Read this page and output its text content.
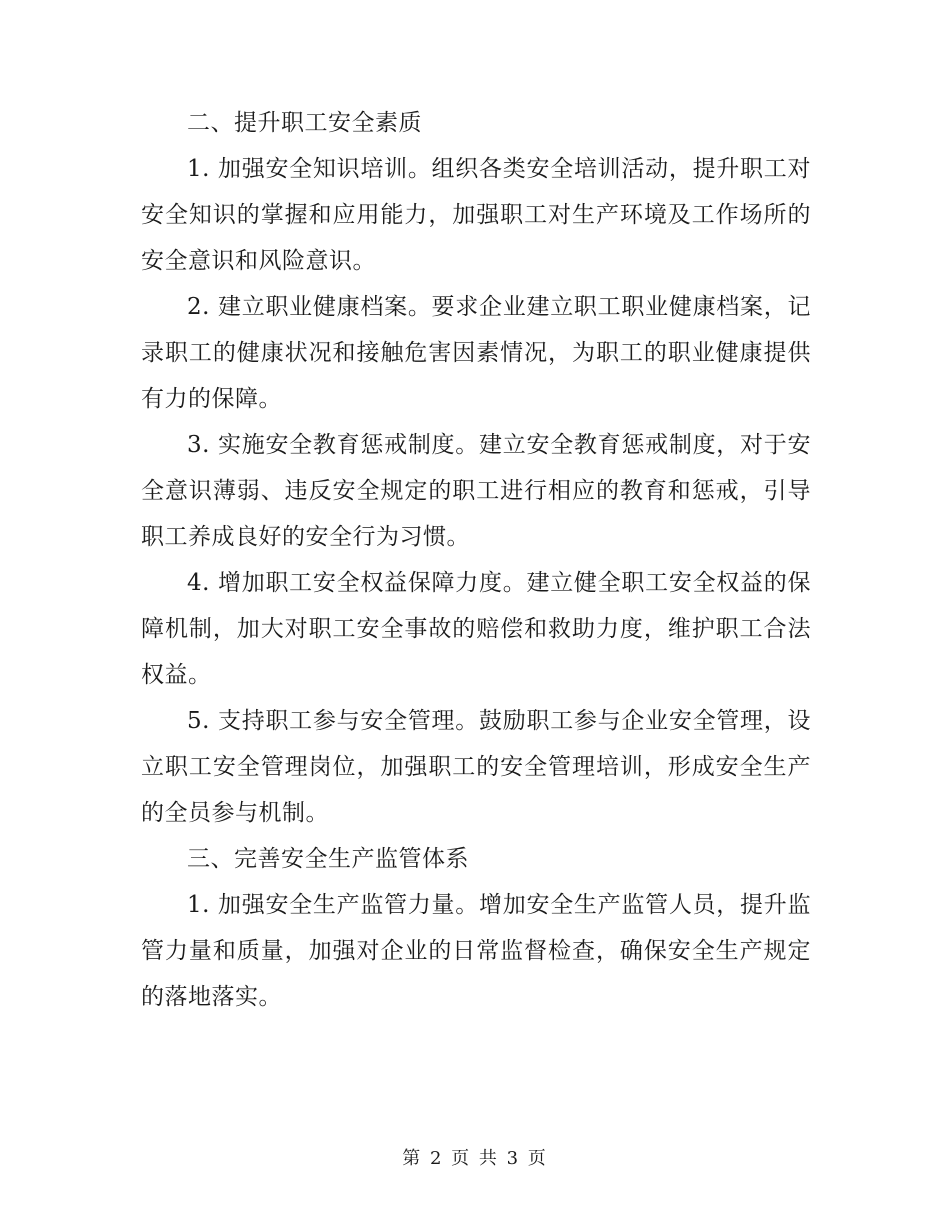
二、提升职工安全素质

1. 加强安全知识培训。组织各类安全培训活动，提升职工对安全知识的掌握和应用能力，加强职工对生产环境及工作场所的安全意识和风险意识。

2. 建立职业健康档案。要求企业建立职工职业健康档案，记录职工的健康状况和接触危害因素情况，为职工的职业健康提供有力的保障。

3. 实施安全教育惩戒制度。建立安全教育惩戒制度，对于安全意识薄弱、违反安全规定的职工进行相应的教育和惩戒，引导职工养成良好的安全行为习惯。

4. 增加职工安全权益保障力度。建立健全职工安全权益的保障机制，加大对职工安全事故的赔偿和救助力度，维护职工合法权益。

5. 支持职工参与安全管理。鼓励职工参与企业安全管理，设立职工安全管理岗位，加强职工的安全管理培训，形成安全生产的全员参与机制。

三、完善安全生产监管体系

1. 加强安全生产监管力量。增加安全生产监管人员，提升监管力量和质量，加强对企业的日常监督检查，确保安全生产规定的落地落实。

第 2 页 共 3 页
